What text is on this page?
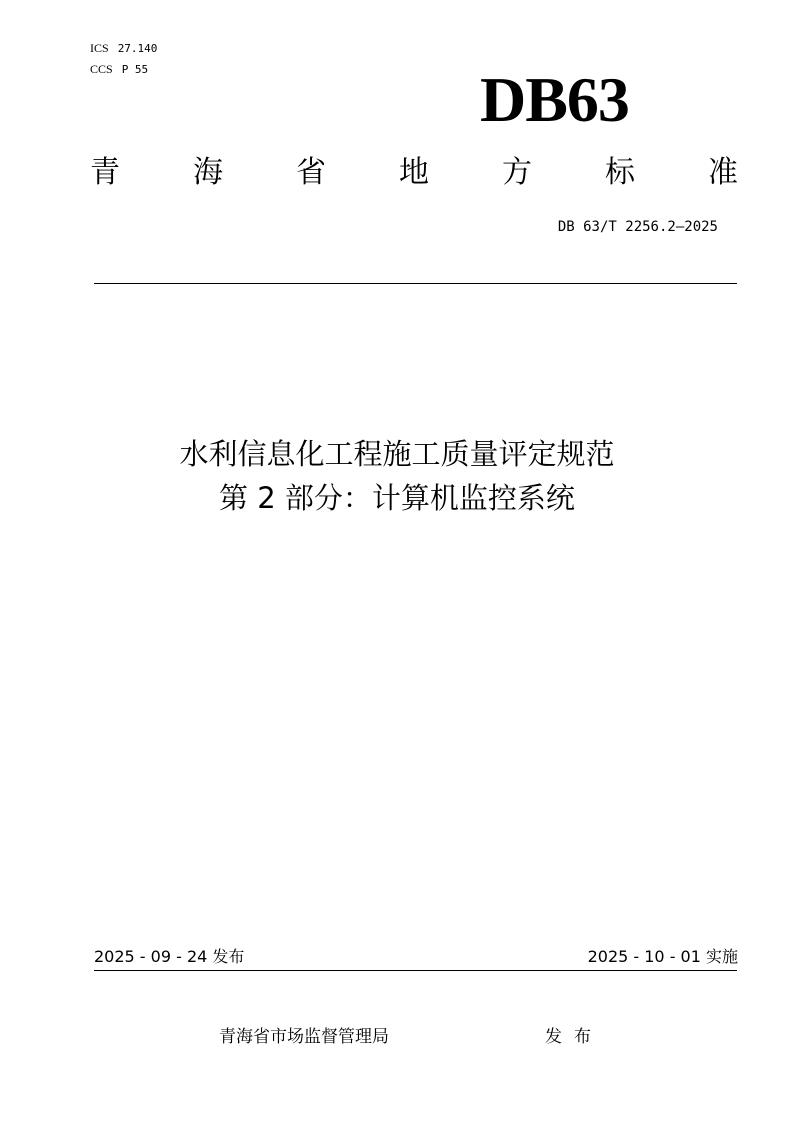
ICS 27.140
CCS P 55	DB63
青 海 省 地 方 标 准
DB 63/T 2256.2—2025
水利信息化工程施工质量评定规范
第 2 部分：计算机监控系统
2025 - 09 - 24 发布	2025 - 10 - 01 实施
青海省市场监督管理局	发布
